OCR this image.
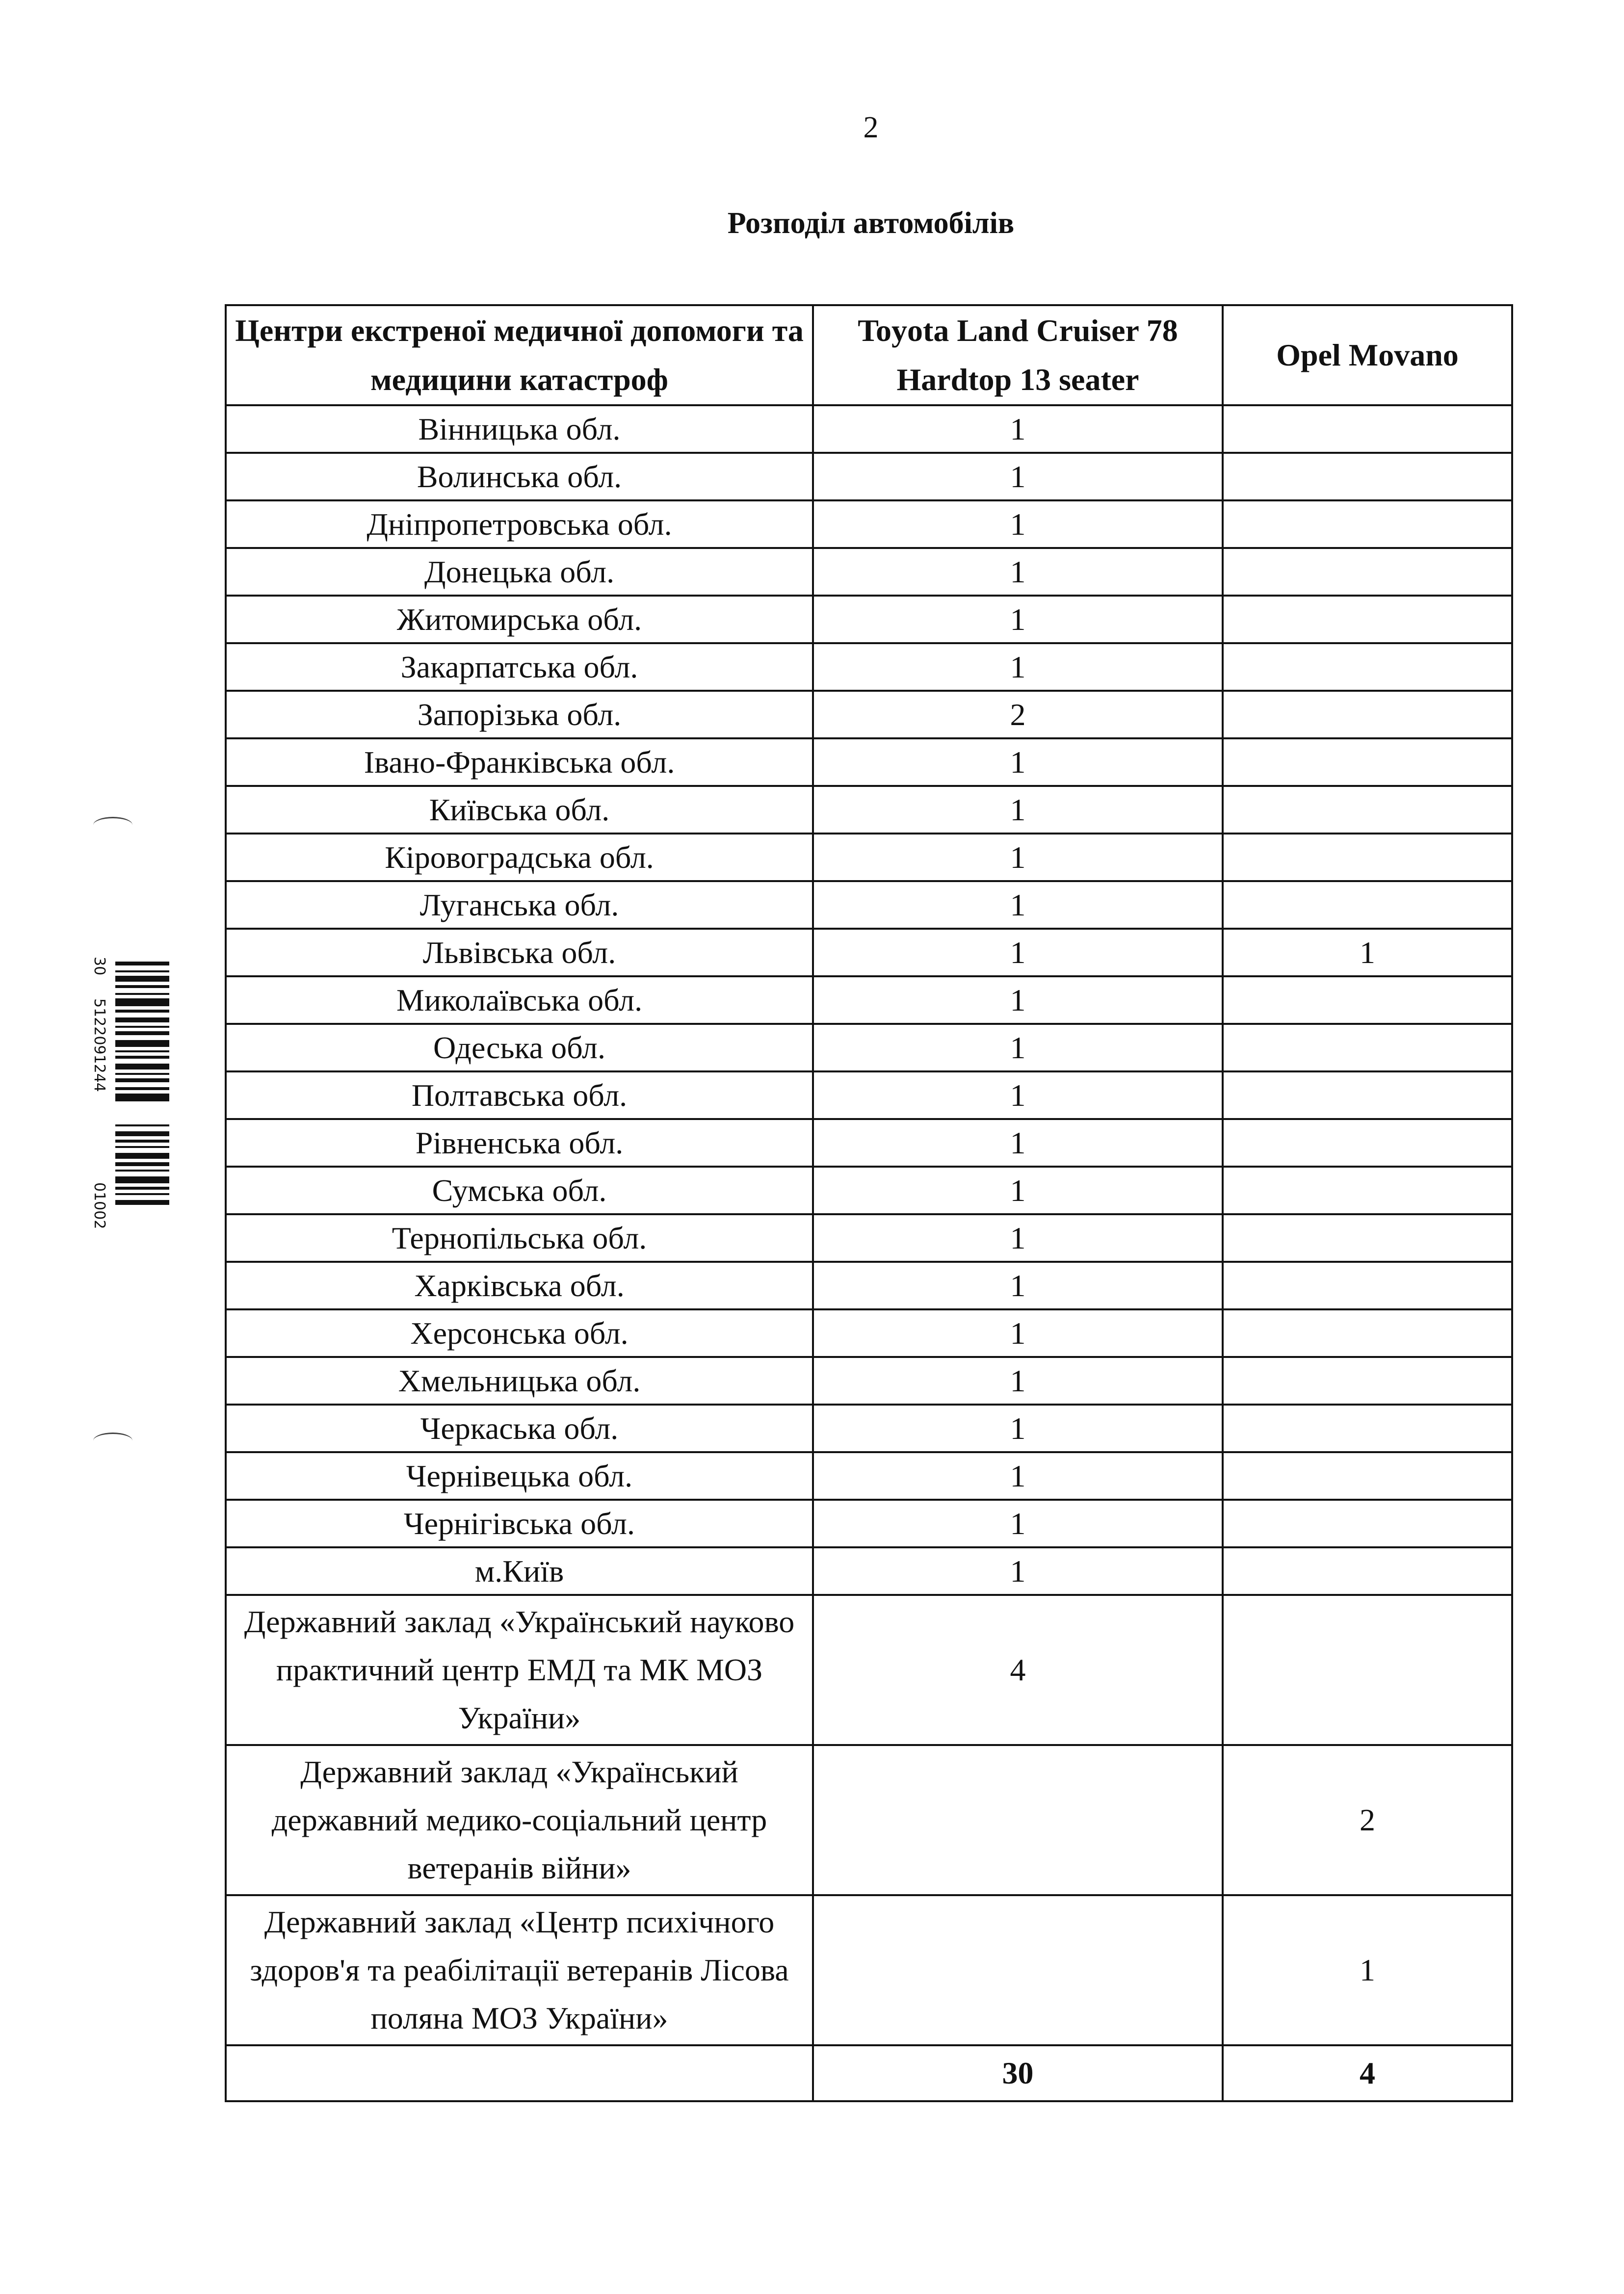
2
Розподіл автомобілів
Центри екстреної медичної допомоги та медицини катастроф	Toyota Land Cruiser 78 Hardtop 13 seater	Opel Movano
Вінницька обл.	1	
Волинська обл.	1	
Дніпропетровська обл.	1	
Донецька обл.	1	
Житомирська обл.	1	
Закарпатська обл.	1	
Запорізька обл.	2	
Івано-Франківська обл.	1	
Київська обл.	1	
Кіровоградська обл.	1	
Луганська обл.	1	
Львівська обл.	1	1
Миколаївська обл.	1	
Одеська обл.	1	
Полтавська обл.	1	
Рівненська обл.	1	
Сумська обл.	1	
Тернопільська обл.	1	
Харківська обл.	1	
Херсонська обл.	1	
Хмельницька обл.	1	
Черкаська обл.	1	
Чернівецька обл.	1	
Чернігівська обл.	1	
м.Київ	1	
Державний заклад «Український науково практичний центр ЕМД та МК МОЗ України»	4	
Державний заклад «Український державний медико-соціальний центр ветеранів війни»		2
Державний заклад «Центр психічного здоров'я та реабілітації ветеранів Лісова поляна МОЗ України»		1
	30	4
30
5122091244
01002
